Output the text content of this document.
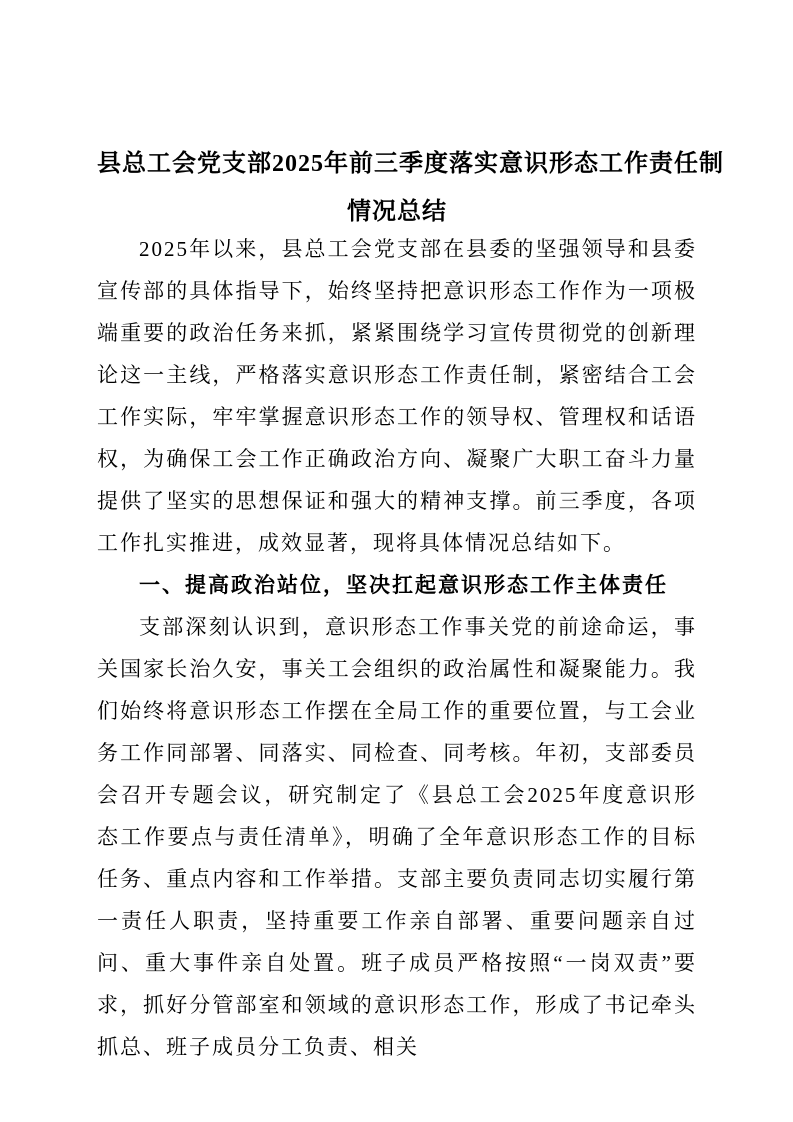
县总工会党支部2025年前三季度落实意识形态工作责任制
情况总结

2025年以来，县总工会党支部在县委的坚强领导和县委宣传部的具体指导下，始终坚持把意识形态工作作为一项极端重要的政治任务来抓，紧紧围绕学习宣传贯彻党的创新理论这一主线，严格落实意识形态工作责任制，紧密结合工会工作实际，牢牢掌握意识形态工作的领导权、管理权和话语权，为确保工会工作正确政治方向、凝聚广大职工奋斗力量提供了坚实的思想保证和强大的精神支撑。前三季度，各项工作扎实推进，成效显著，现将具体情况总结如下。

一、提高政治站位，坚决扛起意识形态工作主体责任

支部深刻认识到，意识形态工作事关党的前途命运，事关国家长治久安，事关工会组织的政治属性和凝聚能力。我们始终将意识形态工作摆在全局工作的重要位置，与工会业务工作同部署、同落实、同检查、同考核。年初，支部委员会召开专题会议，研究制定了《县总工会2025年度意识形态工作要点与责任清单》，明确了全年意识形态工作的目标任务、重点内容和工作举措。支部主要负责同志切实履行第一责任人职责，坚持重要工作亲自部署、重要问题亲自过问、重大事件亲自处置。班子成员严格按照“一岗双责”要求，抓好分管部室和领域的意识形态工作，形成了书记牵头抓总、班子成员分工负责、相关
